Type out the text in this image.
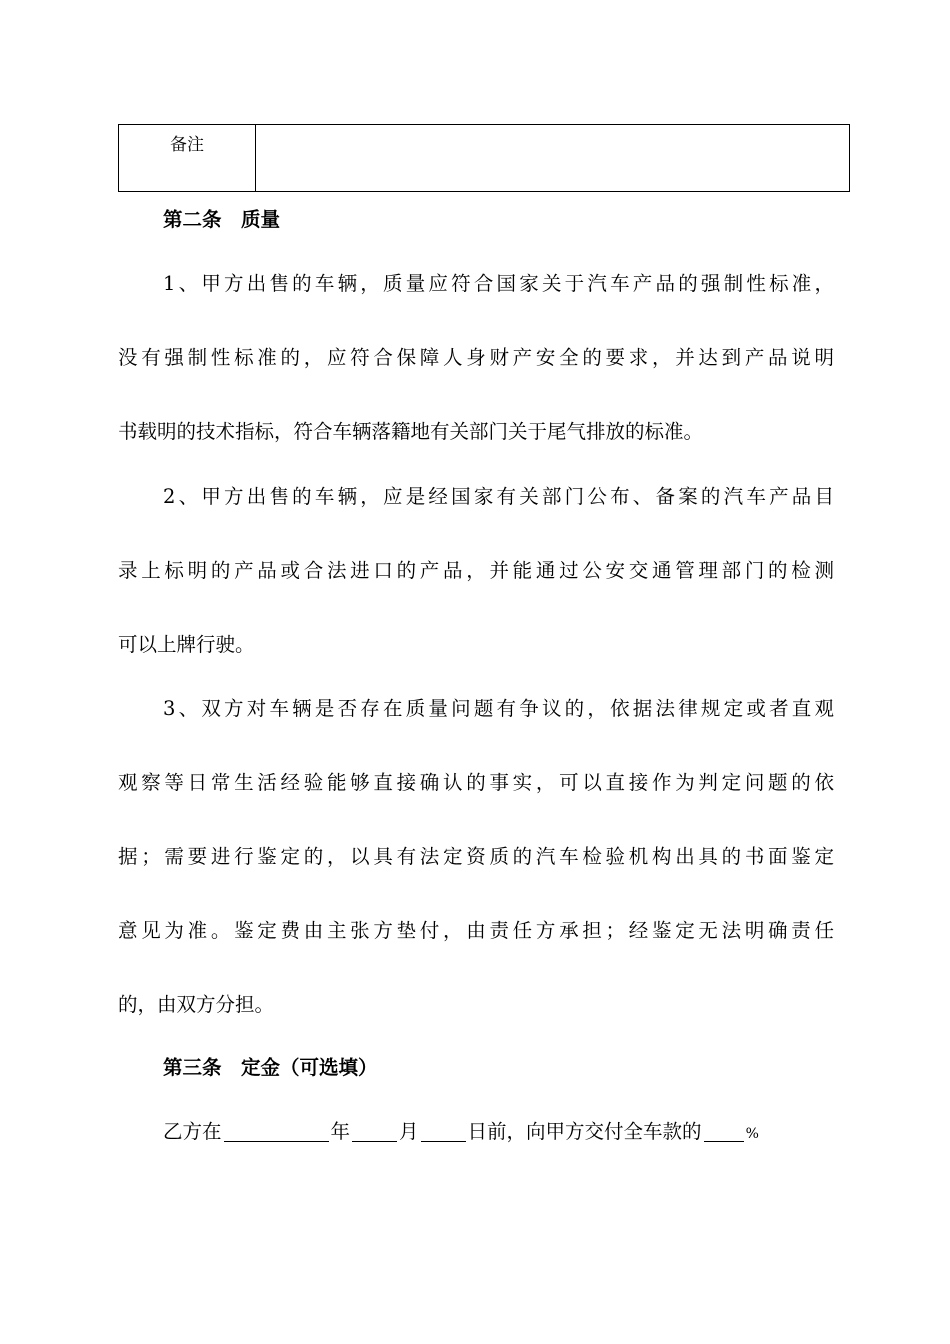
备注
第二条　质量
1、甲方出售的车辆，质量应符合国家关于汽车产品的强制性标准，
没有强制性标准的，应符合保障人身财产安全的要求，并达到产品说明
书载明的技术指标，符合车辆落籍地有关部门关于尾气排放的标准。
2、甲方出售的车辆，应是经国家有关部门公布、备案的汽车产品目
录上标明的产品或合法进口的产品，并能通过公安交通管理部门的检测
可以上牌行驶。
3、双方对车辆是否存在质量问题有争议的，依据法律规定或者直观
观察等日常生活经验能够直接确认的事实，可以直接作为判定问题的依
据；需要进行鉴定的，以具有法定资质的汽车检验机构出具的书面鉴定
意见为准。鉴定费由主张方垫付，由责任方承担；经鉴定无法明确责任
的，由双方分担。
第三条　定金（可选填）
乙方在	年	月	日前，向甲方交付全车款的	%
